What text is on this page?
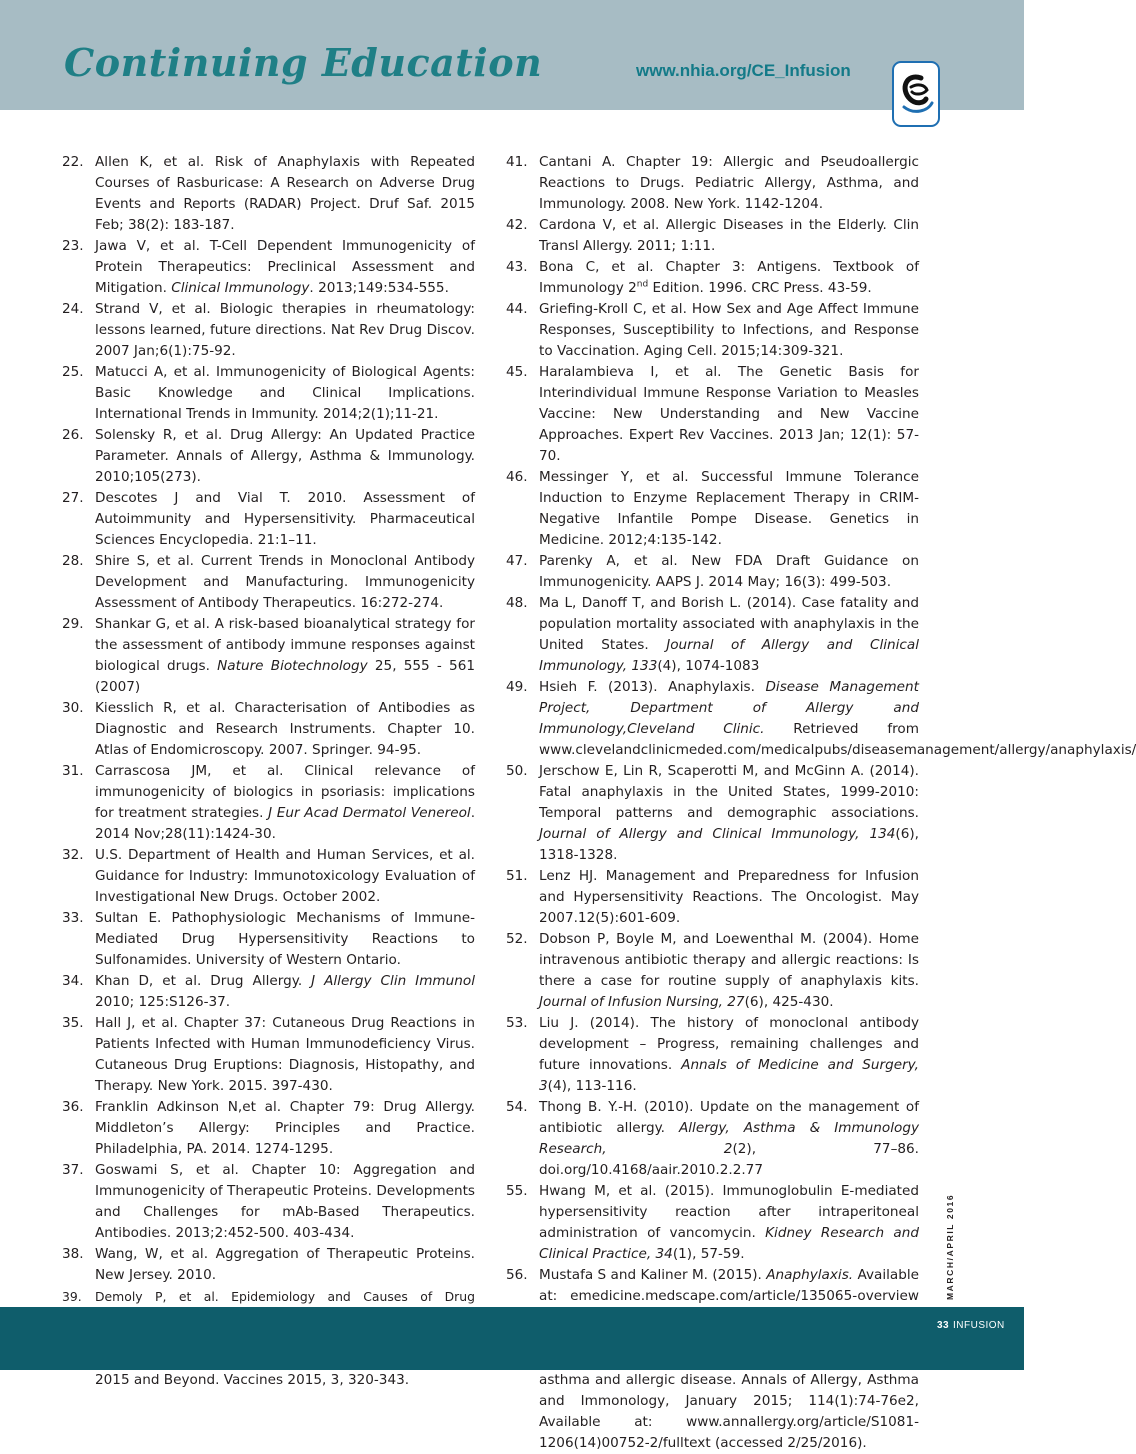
Continuing Education	www.nhia.org/CE_Infusion
22. Allen K, et al. Risk of Anaphylaxis with Repeated Courses of Rasburicase: A Research on Adverse Drug Events and Reports (RADAR) Project. Druf Saf. 2015 Feb; 38(2): 183-187.
23. Jawa V, et al. T-Cell Dependent Immunogenicity of Protein Therapeutics: Preclinical Assessment and Mitigation. Clinical Immunology. 2013;149:534-555.
24. Strand V, et al. Biologic therapies in rheumatology: lessons learned, future directions. Nat Rev Drug Discov. 2007 Jan;6(1):75-92.
25. Matucci A, et al. Immunogenicity of Biological Agents: Basic Knowledge and Clinical Implications. International Trends in Immunity. 2014;2(1);11-21.
26. Solensky R, et al. Drug Allergy: An Updated Practice Parameter. Annals of Allergy, Asthma & Immunology. 2010;105(273).
27. Descotes J and Vial T. 2010. Assessment of Autoimmunity and Hypersensitivity. Pharmaceutical Sciences Encyclopedia. 21:1–11.
28. Shire S, et al. Current Trends in Monoclonal Antibody Development and Manufacturing. Immunogenicity Assessment of Antibody Therapeutics. 16:272-274.
29. Shankar G, et al. A risk-based bioanalytical strategy for the assessment of antibody immune responses against biological drugs. Nature Biotechnology 25, 555 - 561 (2007)
30. Kiesslich R, et al. Characterisation of Antibodies as Diagnostic and Research Instruments. Chapter 10. Atlas of Endomicroscopy. 2007. Springer. 94-95.
31. Carrascosa JM, et al. Clinical relevance of immunogenicity of biologics in psoriasis: implications for treatment strategies. J Eur Acad Dermatol Venereol. 2014 Nov;28(11):1424-30.
32. U.S. Department of Health and Human Services, et al. Guidance for Industry: Immunotoxicology Evaluation of Investigational New Drugs. October 2002.
33. Sultan E. Pathophysiologic Mechanisms of Immune-Mediated Drug Hypersensitivity Reactions to Sulfonamides. University of Western Ontario.
34. Khan D, et al. Drug Allergy. J Allergy Clin Immunol 2010; 125:S126-37.
35. Hall J, et al. Chapter 37: Cutaneous Drug Reactions in Patients Infected with Human Immunodeficiency Virus. Cutaneous Drug Eruptions: Diagnosis, Histopathy, and Therapy. New York. 2015. 397-430.
36. Franklin Adkinson N,et al. Chapter 79: Drug Allergy. Middleton’s Allergy: Principles and Practice. Philadelphia, PA. 2014. 1274-1295.
37. Goswami S, et al. Chapter 10: Aggregation and Immunogenicity of Therapeutic Proteins. Developments and Challenges for mAb-Based Therapeutics. Antibodies. 2013;2:452-500. 403-434.
38. Wang, W, et al. Aggregation of Therapeutic Proteins. New Jersey. 2010.
39.	Demoly P, et al. Epidemiology and Causes of Drug
2015 and Beyond. Vaccines 2015, 3, 320-343.
41. Cantani A. Chapter 19: Allergic and Pseudoallergic Reactions to Drugs. Pediatric Allergy, Asthma, and Immunology. 2008. New York. 1142-1204.
42. Cardona V, et al. Allergic Diseases in the Elderly. Clin Transl Allergy. 2011; 1:11.
43. Bona C, et al. Chapter 3: Antigens. Textbook of Immunology 2nd Edition. 1996. CRC Press. 43-59.
44. Griefing-Kroll C, et al. How Sex and Age Affect Immune Responses, Susceptibility to Infections, and Response to Vaccination. Aging Cell. 2015;14:309-321.
45. Haralambieva I, et al. The Genetic Basis for Interindividual Immune Response Variation to Measles Vaccine: New Understanding and New Vaccine Approaches. Expert Rev Vaccines. 2013 Jan; 12(1): 57-70.
46. Messinger Y, et al. Successful Immune Tolerance Induction to Enzyme Replacement Therapy in CRIM-Negative Infantile Pompe Disease. Genetics in Medicine. 2012;4:135-142.
47. Parenky A, et al. New FDA Draft Guidance on Immunogenicity. AAPS J. 2014 May; 16(3): 499-503.
48. Ma L, Danoff T, and Borish L. (2014). Case fatality and population mortality associated with anaphylaxis in the United States. Journal of Allergy and Clinical Immunology, 133(4), 1074-1083
49. Hsieh F. (2013). Anaphylaxis. Disease Management Project, Department of Allergy and Immunology,Cleveland Clinic. Retrieved from www.clevelandclinicmeded.com/medicalpubs/diseasemanagement/allergy/anaphylaxis/
50. Jerschow E, Lin R, Scaperotti M, and McGinn A. (2014). Fatal anaphylaxis in the United States, 1999-2010: Temporal patterns and demographic associations. Journal of Allergy and Clinical Immunology, 134(6), 1318-1328.
51. Lenz HJ. Management and Preparedness for Infusion and Hypersensitivity Reactions. The Oncologist. May 2007.12(5):601-609.
52. Dobson P, Boyle M, and Loewenthal M. (2004). Home intravenous antibiotic therapy and allergic reactions: Is there a case for routine supply of anaphylaxis kits. Journal of Infusion Nursing, 27(6), 425-430.
53. Liu J. (2014). The history of monoclonal antibody development – Progress, remaining challenges and future innovations. Annals of Medicine and Surgery, 3(4), 113-116.
54. Thong B. Y.-H. (2010). Update on the management of antibiotic allergy. Allergy, Asthma & Immunology Research, 2(2), 77–86. doi.org/10.4168/aair.2010.2.2.77
55. Hwang M, et al. (2015). Immunoglobulin E-mediated hypersensitivity reaction after intraperitoneal administration of vancomycin. Kidney Research and Clinical Practice, 34(1), 57-59.
56. Mustafa S and Kaliner M. (2015). Anaphylaxis. Available at: emedicine.medscape.com/article/135065-overview
asthma and allergic disease. Annals of Allergy, Asthma and Immonology, January 2015; 114(1):74-76e2, Available at: www.annallergy.org/article/S1081-1206(14)00752-2/fulltext (accessed 2/25/2016).
MARCH/APRIL 2016
33 INFUSION
